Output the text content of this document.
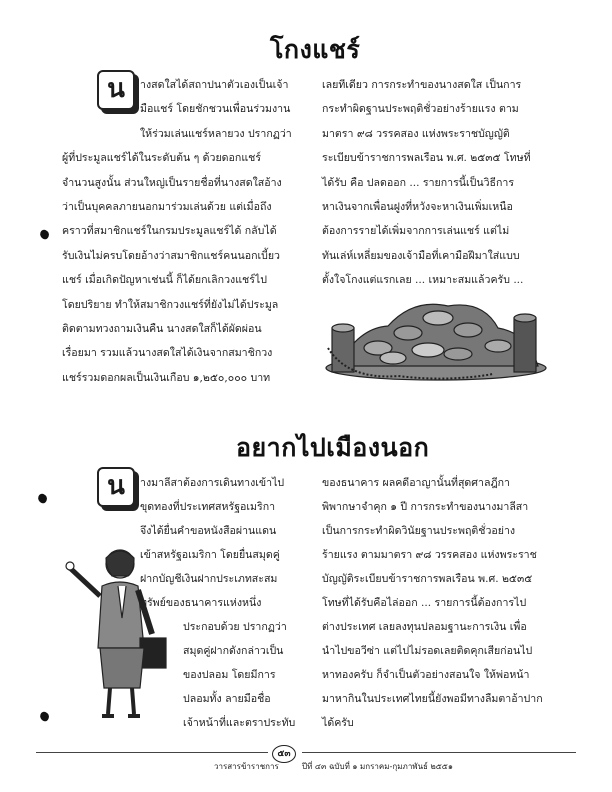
โกงแชร์
น	างสดใสได้สถาปนาตัวเองเป็นเจ้า
มือแชร์ โดยชักชวนเพื่อนร่วมงาน
ให้ร่วมเล่นแชร์หลายวง ปรากฏว่า
ผู้ที่ประมูลแชร์ได้ในระดับต้น ๆ ด้วยดอกแชร์
จำนวนสูงนั้น ส่วนใหญ่เป็นรายชื่อที่นางสดใสอ้าง
ว่าเป็นบุคคลภายนอกมาร่วมเล่นด้วย แต่เมื่อถึง
คราวที่สมาชิกแชร์ในกรมประมูลแชร์ได้ กลับได้
รับเงินไม่ครบโดยอ้างว่าสมาชิกแชร์คนนอกเบี้ยว
แชร์ เมื่อเกิดปัญหาเช่นนี้ ก็ได้ยกเลิกวงแชร์ไป
โดยปริยาย ทำให้สมาชิกวงแชร์ที่ยังไม่ได้ประมูล
ติดตามทวงถามเงินคืน นางสดใสก็ได้ผัดผ่อน
เรื่อยมา รวมแล้วนางสดใสได้เงินจากสมาชิกวง
แชร์รวมดอกผลเป็นเงินเกือบ ๑,๒๕๐,๐๐๐ บาท
เลยทีเดียว การกระทำของนางสดใส เป็นการ
กระทำผิดฐานประพฤติชั่วอย่างร้ายแรง ตาม
มาตรา ๙๘ วรรคสอง แห่งพระราชบัญญัติ
ระเบียบข้าราชการพลเรือน พ.ศ. ๒๕๓๕ โทษที่
ได้รับ คือ ปลดออก ... รายการนี้เป็นวิธีการ
หาเงินจากเพื่อนฝูงที่หวังจะหาเงินเพิ่มเหนือ
ต้องการรายได้เพิ่มจากการเล่นแชร์ แต่ไม่
ทันเล่ห์เหลี่ยมของเจ้ามือที่เคามือฝีมาใส่แบบ
ตั้งใจโกงแต่แรกเลย ... เหมาะสมแล้วครับ ...
อยากไปเมืองนอก
น	างมาลีสาต้องการเดินทางเข้าไป
ขุดทองที่ประเทศสหรัฐอเมริกา
จึงได้ยื่นคำขอหนังสือผ่านแดน
เข้าสหรัฐอเมริกา โดยยื่นสมุดคู่
ฝากบัญชีเงินฝากประเภทสะสม
ทรัพย์ของธนาคารแห่งหนึ่ง
ประกอบด้วย ปรากฏว่า
สมุดคู่ฝากดังกล่าวเป็น
ของปลอม โดยมีการ
ปลอมทั้ง ลายมือชื่อ
เจ้าหน้าที่และตราประทับ
ของธนาคาร ผลคดีอาญานั้นที่สุดศาลฎีกา
พิพากษาจำคุก ๑ ปี การกระทำของนางมาลีสา
เป็นการกระทำผิดวินัยฐานประพฤติชั่วอย่าง
ร้ายแรง ตามมาตรา ๙๘ วรรคสอง แห่งพระราช
บัญญัติระเบียบข้าราชการพลเรือน พ.ศ. ๒๕๓๕
โทษที่ได้รับคือไล่ออก ... รายการนี้ต้องการไป
ต่างประเทศ เลยลงทุนปลอมฐานะการเงิน เพื่อ
นำไปขอวีซ่า แต่ไปไม่รอดเลยติดคุกเสียก่อนไป
หาทองครับ ก็จำเป็นตัวอย่างสอนใจ ให้พ่อหน้า
มาหากินในประเทศไทยนี้ยังพอมีทางลืมตาอ้าปาก
ได้ครับ
วารสารข้าราชการ
๕๓
ปีที่ ๔๓ ฉบับที่ ๑ มกราคม-กุมภาพันธ์ ๒๕๕๑
